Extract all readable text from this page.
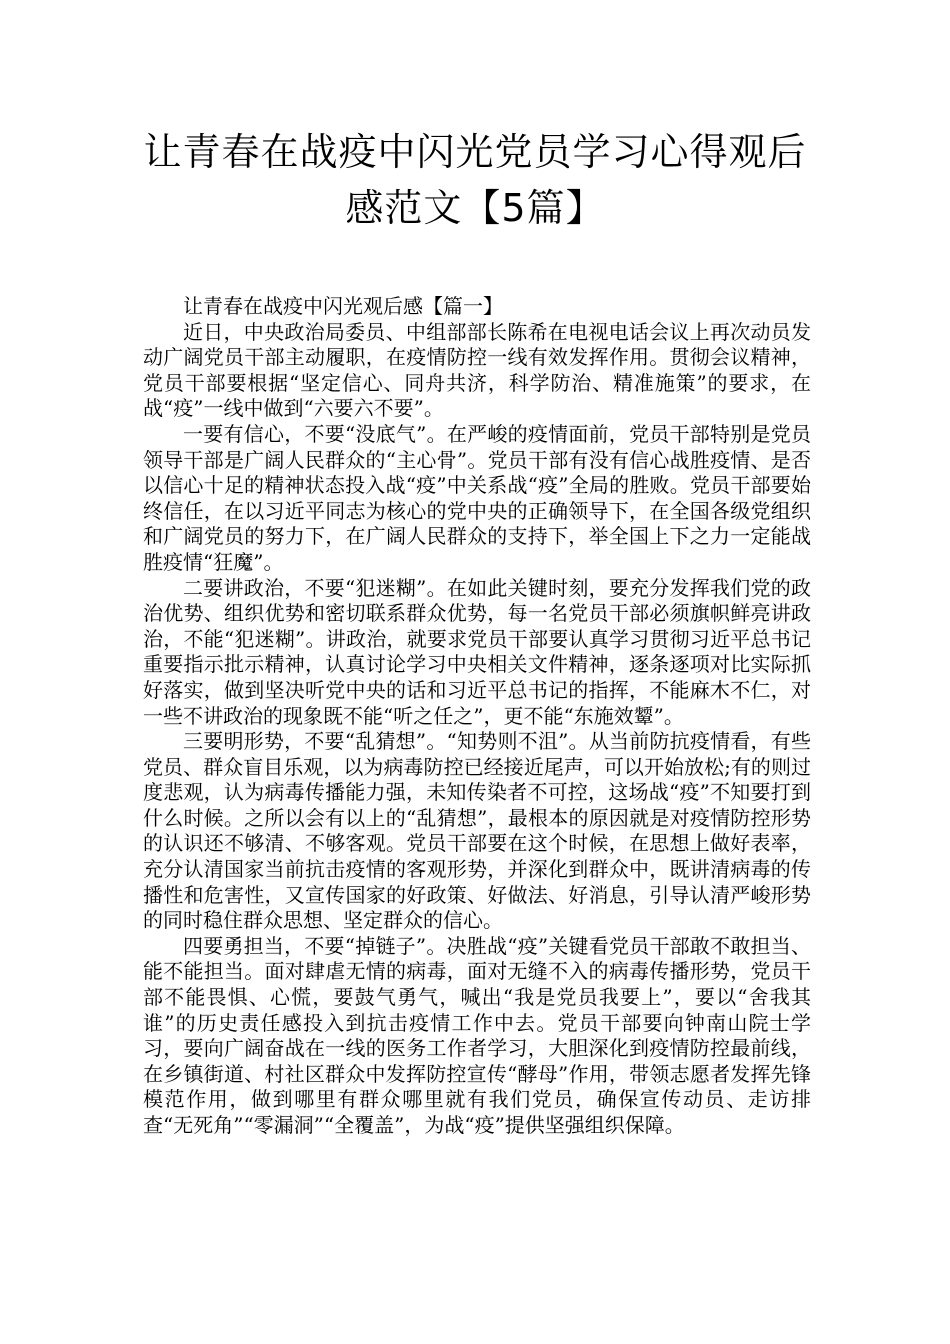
让青春在战疫中闪光党员学习心得观后
感范文【5篇】

让青春在战疫中闪光观后感【篇一】

近日，中央政治局委员、中组部部长陈希在电视电话会议上再次动员发动广阔党员干部主动履职，在疫情防控一线有效发挥作用。贯彻会议精神，党员干部要根据“坚定信心、同舟共济，科学防治、精准施策”的要求，在战“疫”一线中做到“六要六不要”。

一要有信心，不要“没底气”。在严峻的疫情面前，党员干部特别是党员领导干部是广阔人民群众的“主心骨”。党员干部有没有信心战胜疫情、是否以信心十足的精神状态投入战“疫”中关系战“疫”全局的胜败。党员干部要始终信任，在以习近平同志为核心的党中央的正确领导下，在全国各级党组织和广阔党员的努力下，在广阔人民群众的支持下，举全国上下之力一定能战胜疫情“狂魔”。

二要讲政治，不要“犯迷糊”。在如此关键时刻，要充分发挥我们党的政治优势、组织优势和密切联系群众优势，每一名党员干部必须旗帜鲜亮讲政治，不能“犯迷糊”。讲政治，就要求党员干部要认真学习贯彻习近平总书记重要指示批示精神，认真讨论学习中央相关文件精神，逐条逐项对比实际抓好落实，做到坚决听党中央的话和习近平总书记的指挥，不能麻木不仁，对一些不讲政治的现象既不能“听之任之”，更不能“东施效颦”。

三要明形势，不要“乱猜想”。“知势则不沮”。从当前防抗疫情看，有些党员、群众盲目乐观，以为病毒防控已经接近尾声，可以开始放松;有的则过度悲观，认为病毒传播能力强，未知传染者不可控，这场战“疫”不知要打到什么时候。之所以会有以上的“乱猜想”，最根本的原因就是对疫情防控形势的认识还不够清、不够客观。党员干部要在这个时候，在思想上做好表率，充分认清国家当前抗击疫情的客观形势，并深化到群众中，既讲清病毒的传播性和危害性，又宣传国家的好政策、好做法、好消息，引导认清严峻形势的同时稳住群众思想、坚定群众的信心。

四要勇担当，不要“掉链子”。决胜战“疫”关键看党员干部敢不敢担当、能不能担当。面对肆虐无情的病毒，面对无缝不入的病毒传播形势，党员干部不能畏惧、心慌，要鼓气勇气，喊出“我是党员我要上”，要以“舍我其谁”的历史责任感投入到抗击疫情工作中去。党员干部要向钟南山院士学习，要向广阔奋战在一线的医务工作者学习，大胆深化到疫情防控最前线，在乡镇街道、村社区群众中发挥防控宣传“酵母”作用，带领志愿者发挥先锋模范作用，做到哪里有群众哪里就有我们党员，确保宣传动员、走访排查“无死角”“零漏洞”“全覆盖”，为战“疫”提供坚强组织保障。
